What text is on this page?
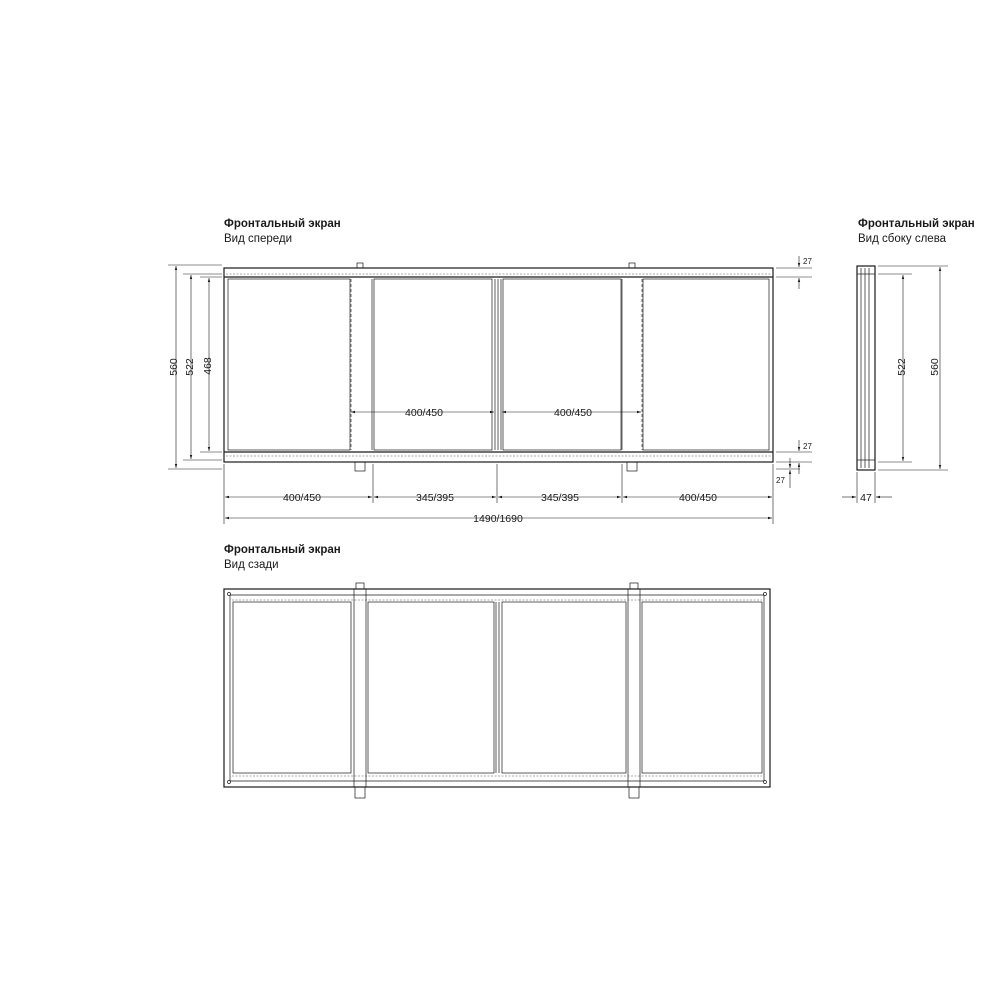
Фронтальный экран
Вид спереди
560 522 468
400/450	400/450
27
27
27
400/450	345/395	345/395	400/450
1490/1690
Фронтальный экран
Вид сбоку слева
522 560
47
Фронтальный экран
Вид сзади
